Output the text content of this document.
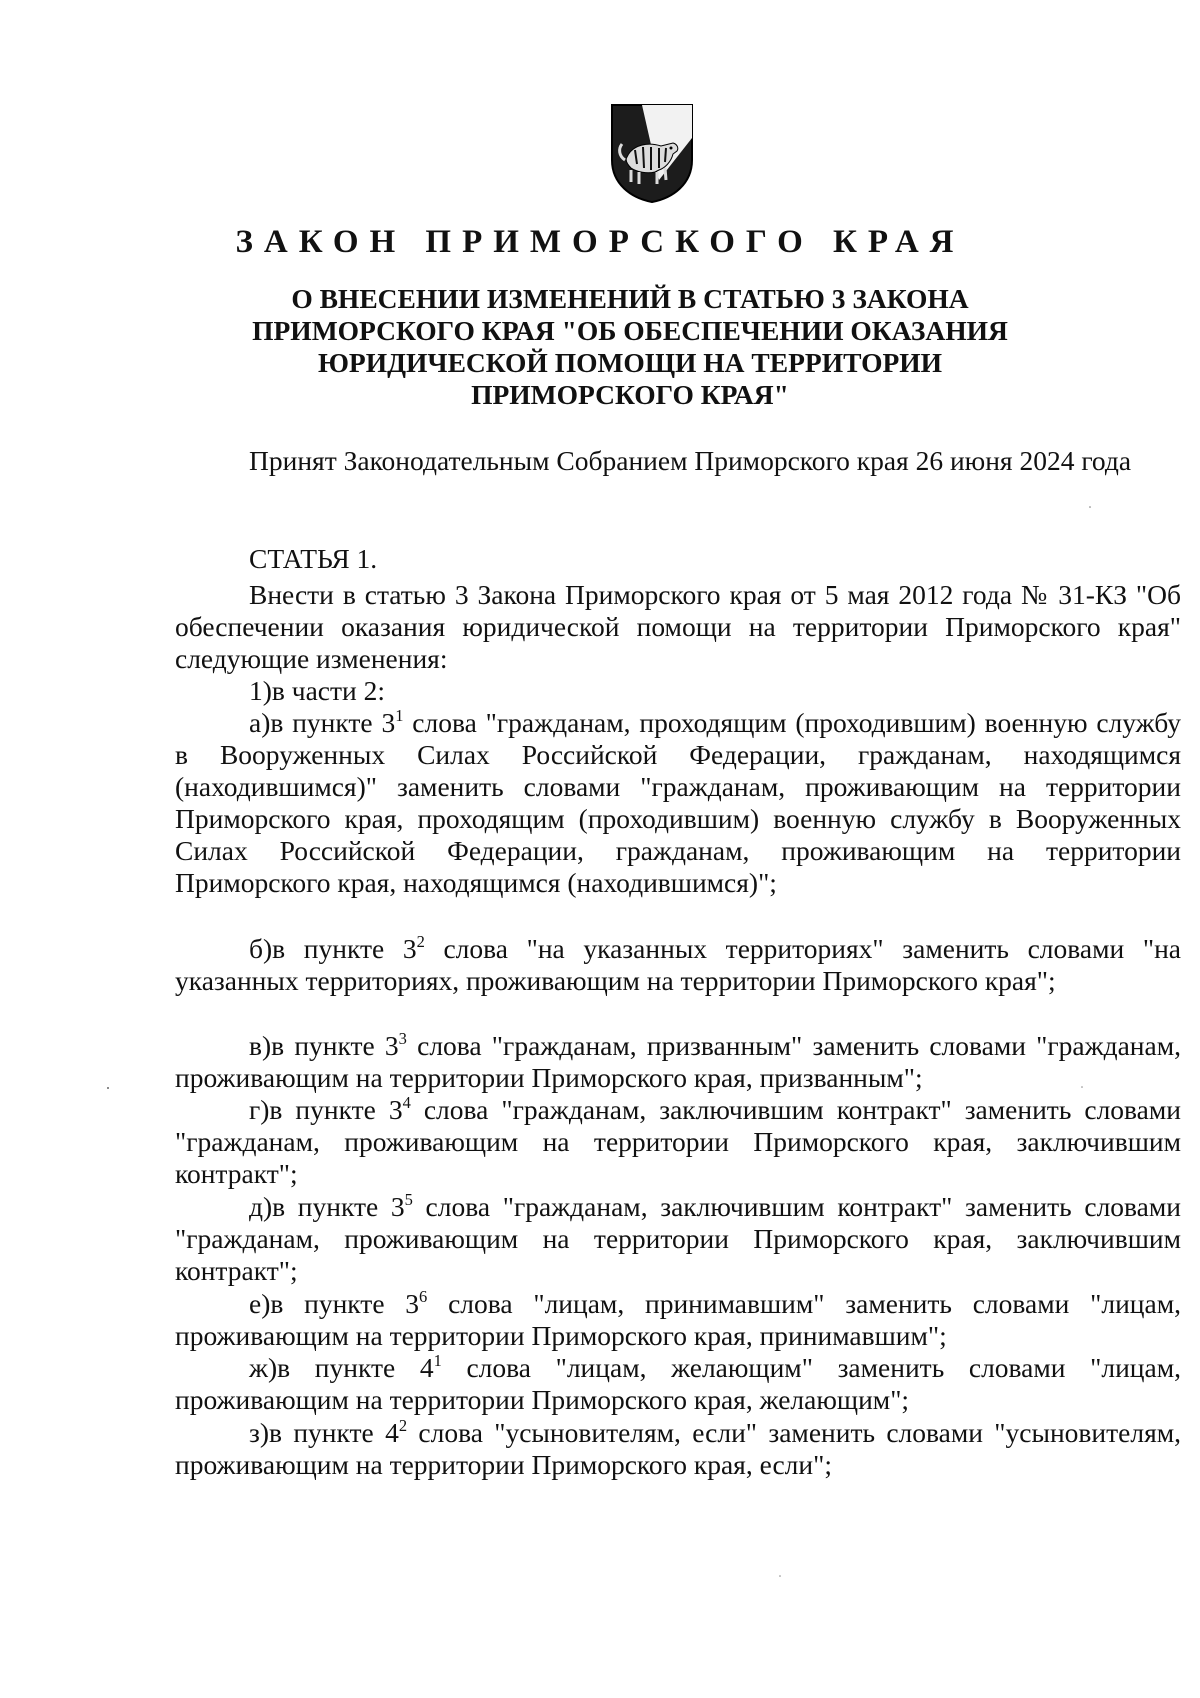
ЗАКОН ПРИМОРСКОГО КРАЯ
О ВНЕСЕНИИ ИЗМЕНЕНИЙ В СТАТЬЮ 3 ЗАКОНА
ПРИМОРСКОГО КРАЯ "ОБ ОБЕСПЕЧЕНИИ ОКАЗАНИЯ
ЮРИДИЧЕСКОЙ ПОМОЩИ НА ТЕРРИТОРИИ
ПРИМОРСКОГО КРАЯ"
Принят Законодательным Собранием Приморского края 26 июня 2024 года
СТАТЬЯ 1.
Внести в статью 3 Закона Приморского края от 5 мая 2012 года № 31-КЗ "Об обеспечении оказания юридической помощи на территории Приморского края" следующие изменения:
1)в части 2:
а)в пункте $3^1$ слова "гражданам, проходящим (проходившим) военную службу в Вооруженных Силах Российской Федерации, гражданам, находящимся (находившимся)" заменить словами "гражданам, проживающим на территории Приморского края, проходящим (проходившим) военную службу в Вооруженных Силах Российской Федерации, гражданам, проживающим на территории Приморского края, находящимся (находившимся)";
б)в пункте $3^2$ слова "на указанных территориях" заменить словами "на указанных территориях, проживающим на территории Приморского края";
в)в пункте $3^3$ слова "гражданам, призванным" заменить словами "гражданам, проживающим на территории Приморского края, призванным";
г)в пункте $3^4$ слова "гражданам, заключившим контракт" заменить словами "гражданам, проживающим на территории Приморского края, заключившим контракт";
д)в пункте $3^5$ слова "гражданам, заключившим контракт" заменить словами "гражданам, проживающим на территории Приморского края, заключившим контракт";
е)в пункте $3^6$ слова "лицам, принимавшим" заменить словами "лицам, проживающим на территории Приморского края, принимавшим";
ж)в пункте $4^1$ слова "лицам, желающим" заменить словами "лицам, проживающим на территории Приморского края, желающим";
з)в пункте $4^2$ слова "усыновителям, если" заменить словами "усыновителям, проживающим на территории Приморского края, если";
